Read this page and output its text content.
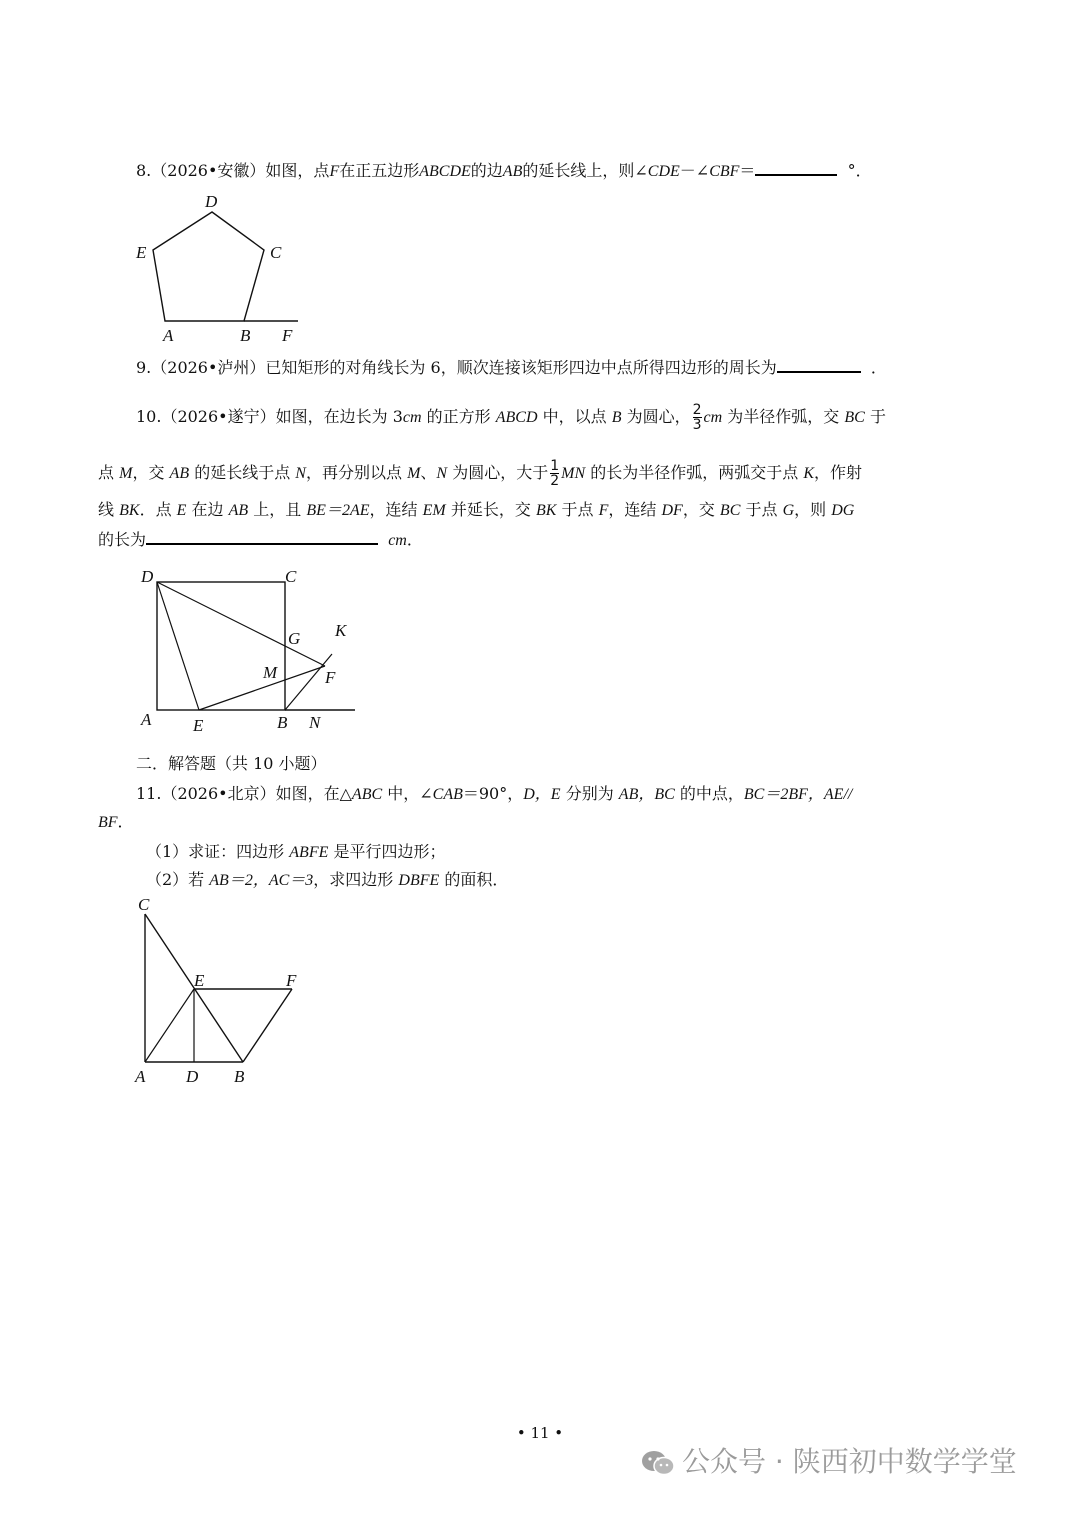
8.（2026•安徽）如图，点F在正五边形ABCDE的边AB的延长线上，则∠CDE－∠CBF＝	°．
D
E	C
A	B F
9.（2026•泸州）已知矩形的对角线长为 6，顺次连接该矩形四边中点所得四边形的周长为	．
10.（2026•遂宁）如图，在边长为 3cm 的正方形 ABCD 中，以点 B 为圆心， $\frac{2}{3}$ cm 为半径作弧，交 BC 于
点 M，交 AB 的延长线于点 N，再分别以点 M、N 为圆心，大于 $\frac{1}{2}$ MN 的长为半径作弧，两弧交于点 K，作射
线 BK．点 E 在边 AB 上，且 BE＝2AE，连结 EM 并延长，交 BK 于点 F，连结 DF，交 BC 于点 G，则 DG
的长为	cm．
D	C
K
G
M	F
A E	B N
二．解答题（共 10 小题）
11.（2026•北京）如图，在△ABC 中，∠CAB＝90°，D，E 分别为 AB，BC 的中点，BC＝2BF，AE//
BF．
（1）求证：四边形 ABFE 是平行四边形；
（2）若 AB＝2，AC＝3，求四边形 DBFE 的面积．
C
E	F
A D B
• 11 •
公众号 · 陕西初中数学学堂
